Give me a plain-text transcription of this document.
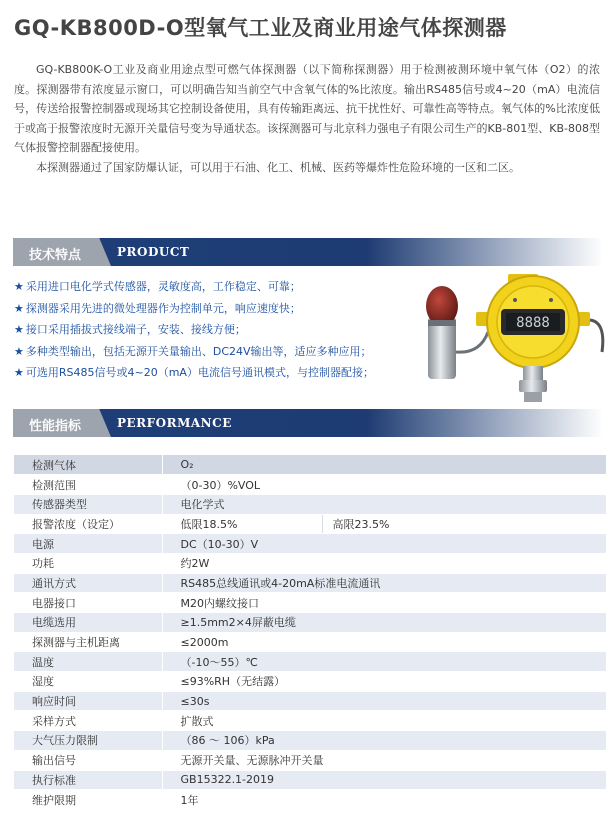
GQ-KB800D-O型氧气工业及商业用途气体探测器

GQ-KB800K-O工业及商业用途点型可燃气体探测器（以下简称探测器）用于检测被测环境中氧气体（O2）的浓度。探测器带有浓度显示窗口，可以明确告知当前空气中含氧气体的%比浓度。输出RS485信号或4~20（mA）电流信号，传送给报警控制器或现场其它控制设备使用，具有传输距离远、抗干扰性好、可靠性高等特点。氧气体的%比浓度低于或高于报警浓度时无源开关量信号变为导通状态。该探测器可与北京科力强电子有限公司生产的KB-801型、KB-808型气体报警控制器配接使用。

本探测器通过了国家防爆认证，可以用于石油、化工、机械、医药等爆炸性危险环境的一区和二区。

技术特点	PRODUCT
★ 采用进口电化学式传感器，灵敏度高，工作稳定、可靠；
★ 探测器采用先进的微处理器作为控制单元，响应速度快；
★ 接口采用插拔式接线端子，安装、接线方便；
★ 多种类型输出，包括无源开关量输出、DC24V输出等，适应多种应用；
★ 可选用RS485信号或4~20（mA）电流信号通讯模式，与控制器配接；
8888
性能指标	PERFORMANCE
检测气体	O₂	
检测范围	（0-30）%VOL	
传感器类型	电化学式	
报警浓度（设定）	低限18.5%	高限23.5%
电源	DC（10-30）V	
功耗	约2W	
通讯方式	RS485总线通讯或4-20mA标准电流通讯	
电器接口	M20内螺纹接口	
电缆选用	≥1.5mm2×4屏蔽电缆	
探测器与主机距离	≤2000m	
温度	（-10～55）℃	
湿度	≤93%RH（无结露）	
响应时间	≤30s	
采样方式	扩散式	
大气压力限制	（86 ～ 106）kPa	
输出信号	无源开关量、无源脉冲开关量	
执行标准	GB15322.1-2019	
维护限期	1年	
